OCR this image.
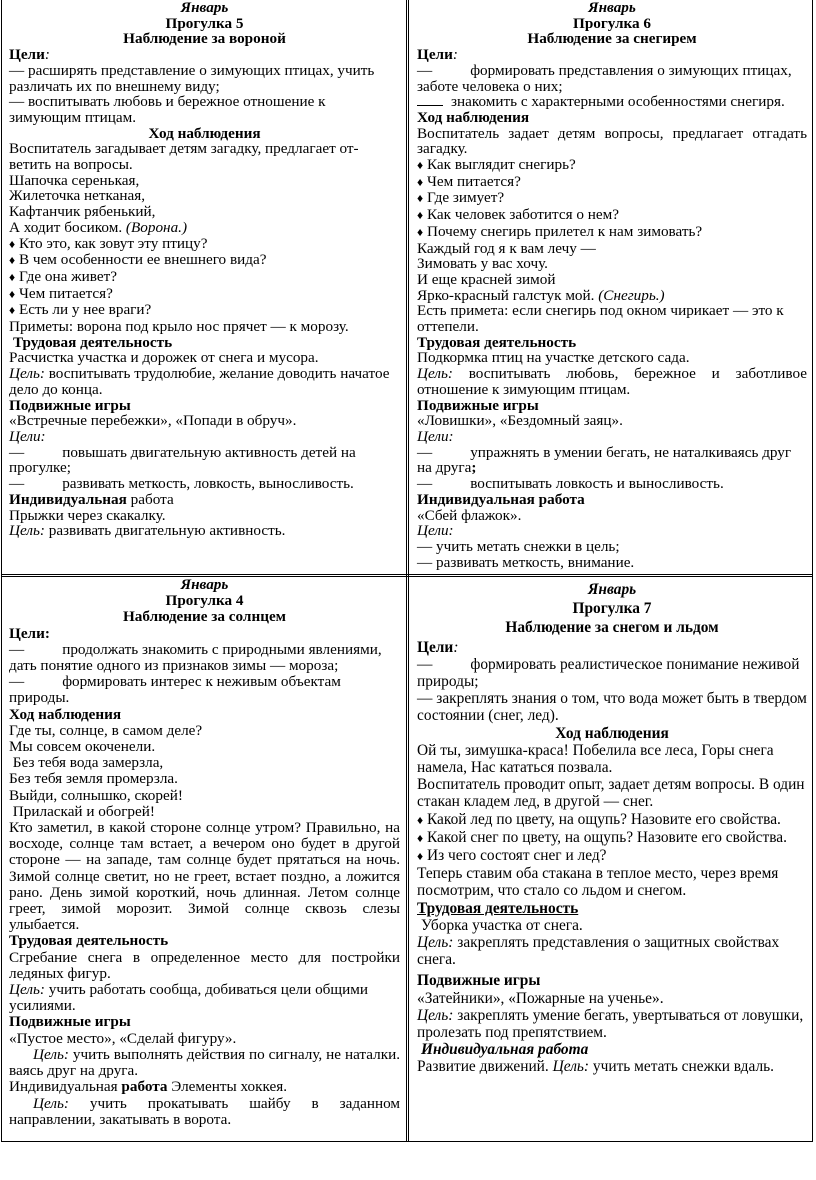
Январь
Прогулка 5
Наблюдение за вороной
Цели:
— расширять представление о зимующих птицах, учить различать их по внешнему виду;
— воспитывать любовь и бережное отношение к зимующим птицам.
Ход наблюдения
Воспитатель загадывает детям загадку, предлагает от-ветить на вопросы.
Шапочка серенькая,
Жилеточка нетканая,
Кафтанчик рябенький,
А ходит босиком. (Ворона.)
♦ Кто это, как зовут эту птицу?
♦ В чем особенности ее внешнего вида?
♦ Где она живет?
♦ Чем питается?
♦ Есть ли у нее враги?
Приметы: ворона под крыло нос прячет — к морозу.
Трудовая деятельность
Расчистка участка и дорожек от снега и мусора.
Цель: воспитывать трудолюбие, желание доводить начатое дело до конца.
Подвижные игры
«Встречные перебежки», «Попади в обруч».
Цели:
—	повышать двигательную активность детей на прогулке;
—	развивать меткость, ловкость, выносливость.
Индивидуальная работа
Прыжки через скакалку.
Цель: развивать двигательную активность.
Январь
Прогулка 6
Наблюдение за снегирем
Цели:
—	формировать представления о зимующих птицах, заботе человека о них;
знакомить с характерными особенностями снегиря.
Ход наблюдения
Воспитатель задает детям вопросы, предлагает отгадать загадку.
♦ Как выглядит снегирь?
♦ Чем питается?
♦ Где зимует?
♦ Как человек заботится о нем?
♦ Почему снегирь прилетел к нам зимовать?
Каждый год я к вам лечу —
Зимовать у вас хочу.
И еще красней зимой
Ярко-красный галстук мой. (Снегирь.)
Есть примета: если снегирь под окном чирикает — это к оттепели.
Трудовая деятельность
Подкормка птиц на участке детского сада.
Цель: воспитывать любовь, бережное и заботливое отношение к зимующим птицам.
Подвижные игры
«Ловишки», «Бездомный заяц».
Цели:
—	упражнять в умении бегать, не наталкиваясь друг на друга;
—	воспитывать ловкость и выносливость.
Индивидуальная работа
«Сбей флажок».
Цели:
— учить метать снежки в цель;
— развивать меткость, внимание.
Январь
Прогулка 4
Наблюдение за солнцем
Цели:
—	продолжать знакомить с природными явлениями, дать понятие одного из признаков зимы — мороза;
—	формировать интерес к неживым объектам природы.
Ход наблюдения
Где ты, солнце, в самом деле?
Мы совсем окоченели.
Без тебя вода замерзла,
Без тебя земля промерзла.
Выйди, солнышко, скорей!
Приласкай и обогрей!
Кто заметил, в какой стороне солнце утром? Правильно, на восходе, солнце там встает, а вечером оно будет в другой стороне — на западе, там солнце будет прятаться на ночь. Зимой солнце светит, но не греет, встает поздно, а ложится рано. День зимой короткий, ночь длинная. Летом солнце греет, зимой морозит. Зимой солнце сквозь слезы улыбается.
Трудовая деятельность
Сгребание снега в определенное место для постройки ледяных фигур.
Цель: учить работать сообща, добиваться цели общими усилиями.
Подвижные игры
«Пустое место», «Сделай фигуру».
Цель: учить выполнять действия по сигналу, не наталки. ваясь друг на друга.
Индивидуальная работа Элементы хоккея.
Цель: учить прокатывать шайбу в заданном направлении, закатывать в ворота.
Январь
Прогулка 7
Наблюдение за снегом и льдом
Цели:
— формировать реалистическое понимание неживой природы;
— закреплять знания о том, что вода может быть в твердом состоянии (снег, лед).
Ход наблюдения
Ой ты, зимушка-краса! Побелила все леса, Горы снега намела, Нас кататься позвала.
Воспитатель проводит опыт, задает детям вопросы. В один стакан кладем лед, в другой — снег.
♦ Какой лед по цвету, на ощупь? Назовите его свойства.
♦ Какой снег по цвету, на ощупь? Назовите его свойства.
♦ Из чего состоят снег и лед?
Теперь ставим оба стакана в теплое место, через время посмотрим, что стало со льдом и снегом.
Трудовая деятельность
Уборка участка от снега.
Цель: закреплять представления о защитных свойствах снега.
Подвижные игры
«Затейники», «Пожарные на ученье».
Цель: закреплять умение бегать, увертываться от ловушки, пролезать под препятствием.
Индивидуальная работа
Развитие движений. Цель: учить метать снежки вдаль.
